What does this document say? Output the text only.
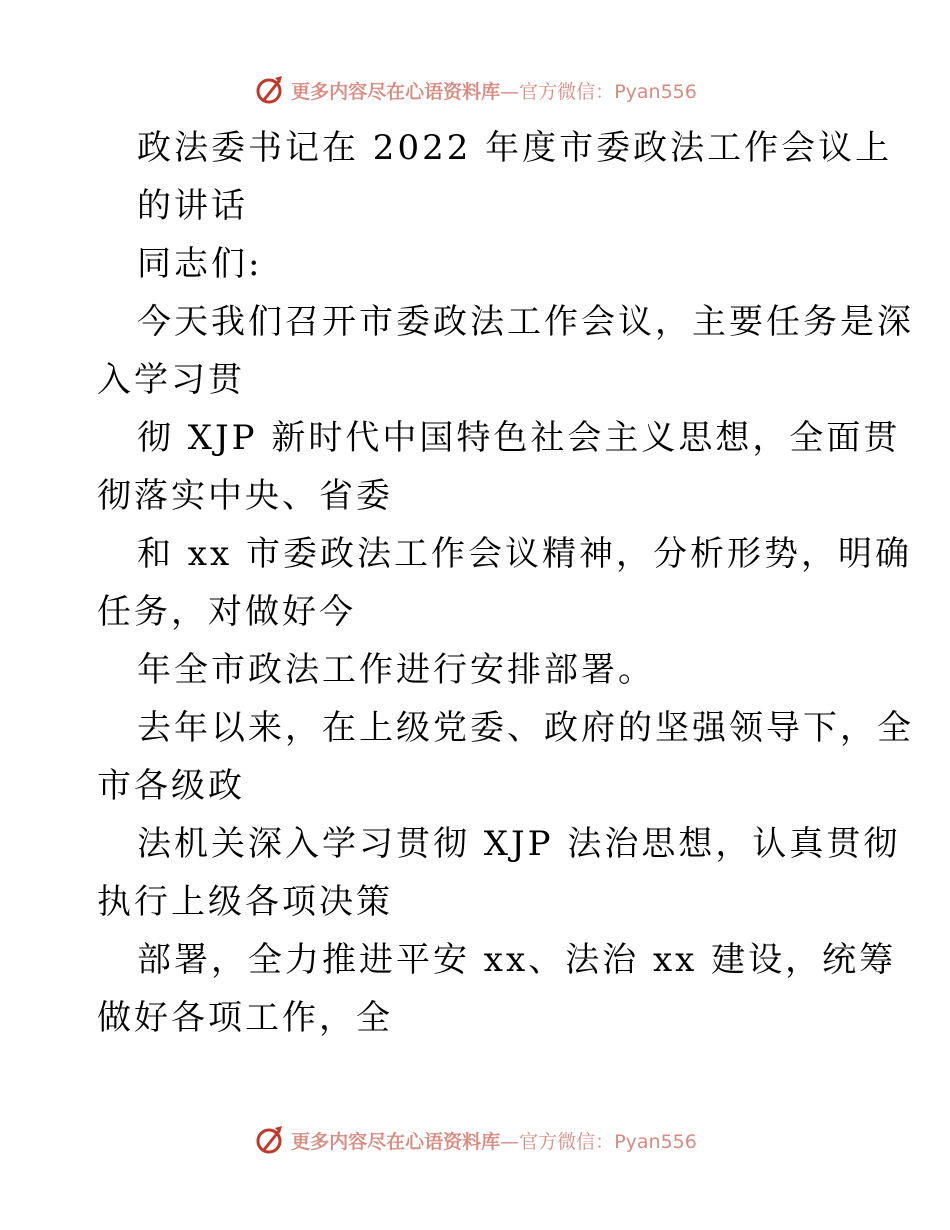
更多内容尽在心语资料库—官方微信：Pyan556
政法委书记在 2022 年度市委政法工作会议上
的讲话
同志们:
今天我们召开市委政法工作会议，主要任务是深
入学习贯
彻 XJP 新时代中国特色社会主义思想，全面贯
彻落实中央、省委
和 xx 市委政法工作会议精神，分析形势，明确
任务，对做好今
年全市政法工作进行安排部署。
去年以来，在上级党委、政府的坚强领导下，全
市各级政
法机关深入学习贯彻 XJP 法治思想，认真贯彻
执行上级各项决策
部署，全力推进平安 xx、法治 xx 建设，统筹
做好各项工作，全
更多内容尽在心语资料库—官方微信：Pyan556
